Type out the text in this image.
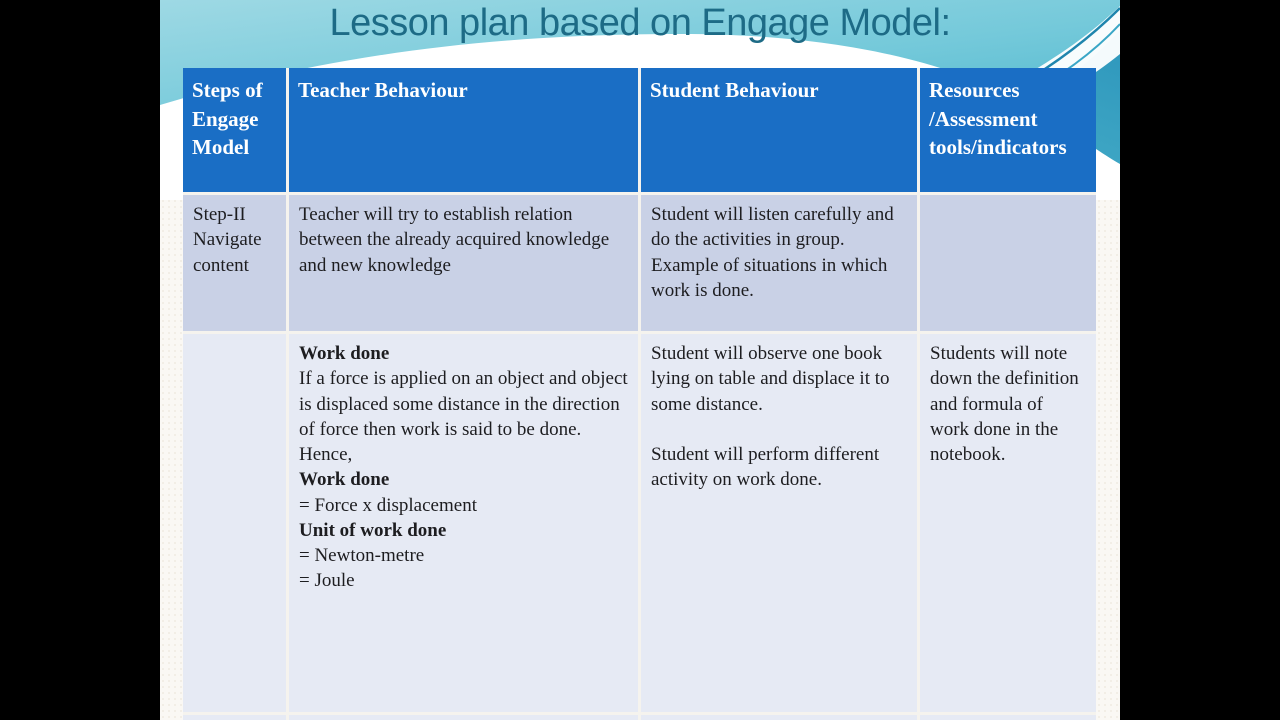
Lesson plan based on Engage Model:
Steps of Engage Model
Teacher Behaviour	Student Behaviour	Resources /Assessment tools/indicators

Step-II Navigate content

Teacher will try to establish relation between the already acquired knowledge and new knowledge

Student will listen carefully and do the activities in group. Example of situations in which work is done.

Work done
If a force is applied on an object and object is displaced some distance in the direction of force then work is said to be done.
Hence,
Work done
= Force x displacement
Unit of work done
= Newton-metre
= Joule

Student will observe one book lying on table and displace it to some distance.

Student will perform different activity on work done.

Students will note down the definition and formula of work done in the notebook.
